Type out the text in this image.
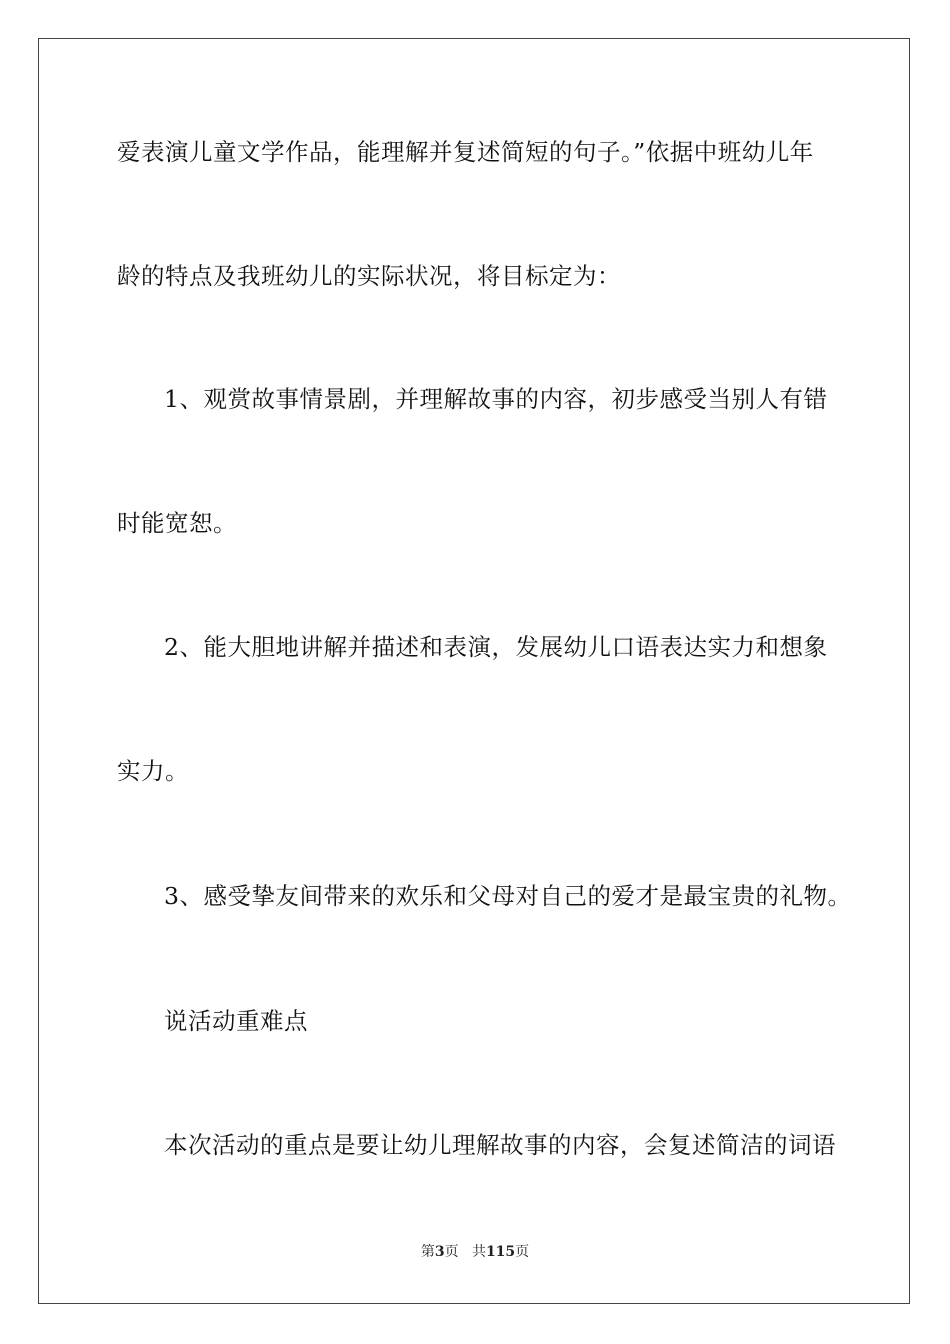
爱表演儿童文学作品，能理解并复述简短的句子。”依据中班幼儿年
龄的特点及我班幼儿的实际状况，将目标定为：
1、观赏故事情景剧，并理解故事的内容，初步感受当别人有错
时能宽恕。
2、能大胆地讲解并描述和表演，发展幼儿口语表达实力和想象
实力。
3、感受挚友间带来的欢乐和父母对自己的爱才是最宝贵的礼物。
说活动重难点
本次活动的重点是要让幼儿理解故事的内容，会复述简洁的词语
第3页 共115页
